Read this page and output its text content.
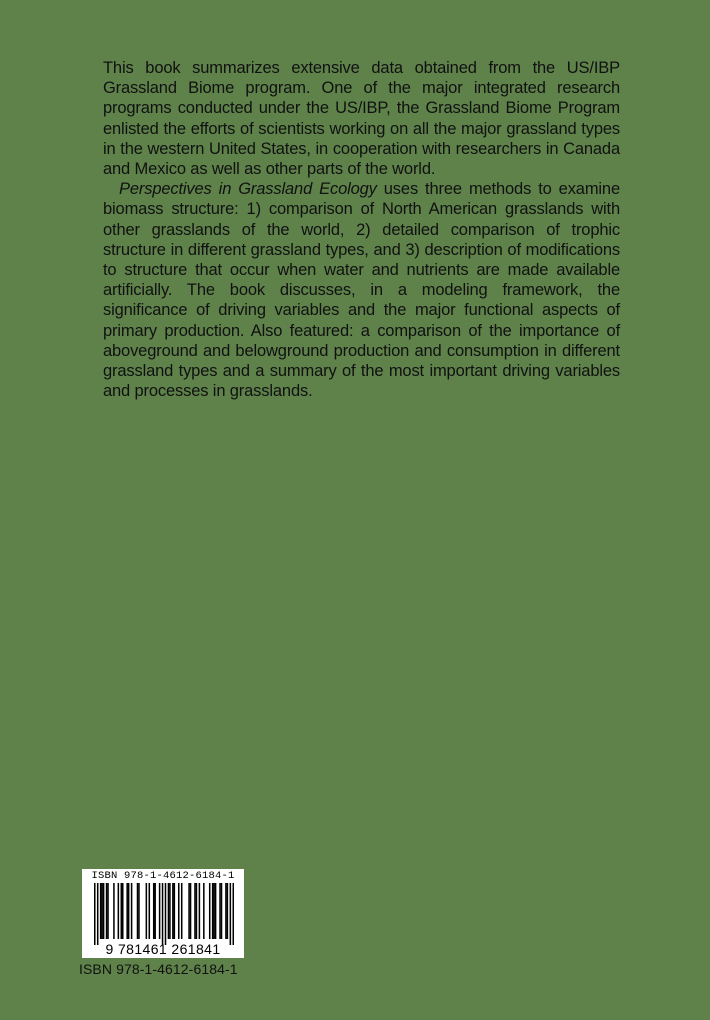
This book summarizes extensive data obtained from the US/IBP Grassland Biome program. One of the major integrated research programs conducted under the US/IBP, the Grassland Biome Program enlisted the efforts of scientists working on all the major grassland types in the western United States, in cooperation with researchers in Canada and Mexico as well as other parts of the world.

Perspectives in Grassland Ecology uses three methods to examine biomass structure: 1) comparison of North American grasslands with other grasslands of the world, 2) detailed comparison of trophic structure in different grassland types, and 3) description of modifications to structure that occur when water and nutrients are made available artificially. The book discusses, in a modeling framework, the significance of driving variables and the major functional aspects of primary production. Also featured: a comparison of the importance of aboveground and belowground production and consumption in different grassland types and a summary of the most important driving variables and processes in grasslands.

ISBN 978-1-4612-6184-1
9 781461 261841
ISBN 978-1-4612-6184-1
